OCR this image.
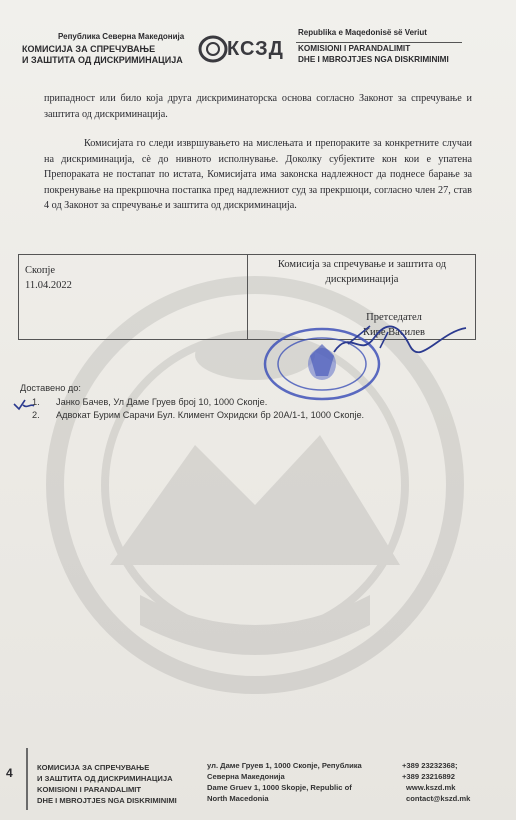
Република Северна Македонија
КОМИСИЈА ЗА СПРЕЧУВАЊЕ
И ЗАШТИТА ОД ДИСКРИМИНАЦИЈА	КСЗД
Republika e Maqedonisë së Veriut
KOMISIONI I PARANDALIMIT
DHE I MBROJTJES NGA DISKRIMINIMI

припадност или било која друга дискриминаторска основа согласно Законот за спречување и заштита од дискриминација.

Комисијата го следи извршувањето на мислењата и препораките за конкретните случаи на дискриминација, сè до нивното исполнување. Доколку субјектите кон кои е упатена Препораката не постапат по истата, Комисијата има законска надлежност да поднесе барање за покренување на прекршочна постапка пред надлежниот суд за прекршоци, согласно член 27, став 4 од Законот за спречување и заштита од дискриминација.

Скопје
11.04.2022
Комисија за спречување и заштита од дискриминација
Претседател
Кире Василев
Доставено до:
1. Јанко Бачев, Ул Даме Груев број 10, 1000 Скопје.
2. Адвокат Бурим Сарачи Бул. Климент Охридски бр 20А/1-1, 1000 Скопје.
4	КОМИСИЈА ЗА СПРЕЧУВАЊЕ
И ЗАШТИТА ОД ДИСКРИМИНАЦИЈА
KOMISIONI I PARANDALIMIT
DHE I MBROJTJES NGA DISKRIMINIMI
ул. Даме Груев 1, 1000 Скопје, Република
Северна Македонија
Dame Gruev 1, 1000 Skopje, Republic of
North Macedonia
+389 23232368;
+389 23216892
www.kszd.mk
contact@kszd.mk
